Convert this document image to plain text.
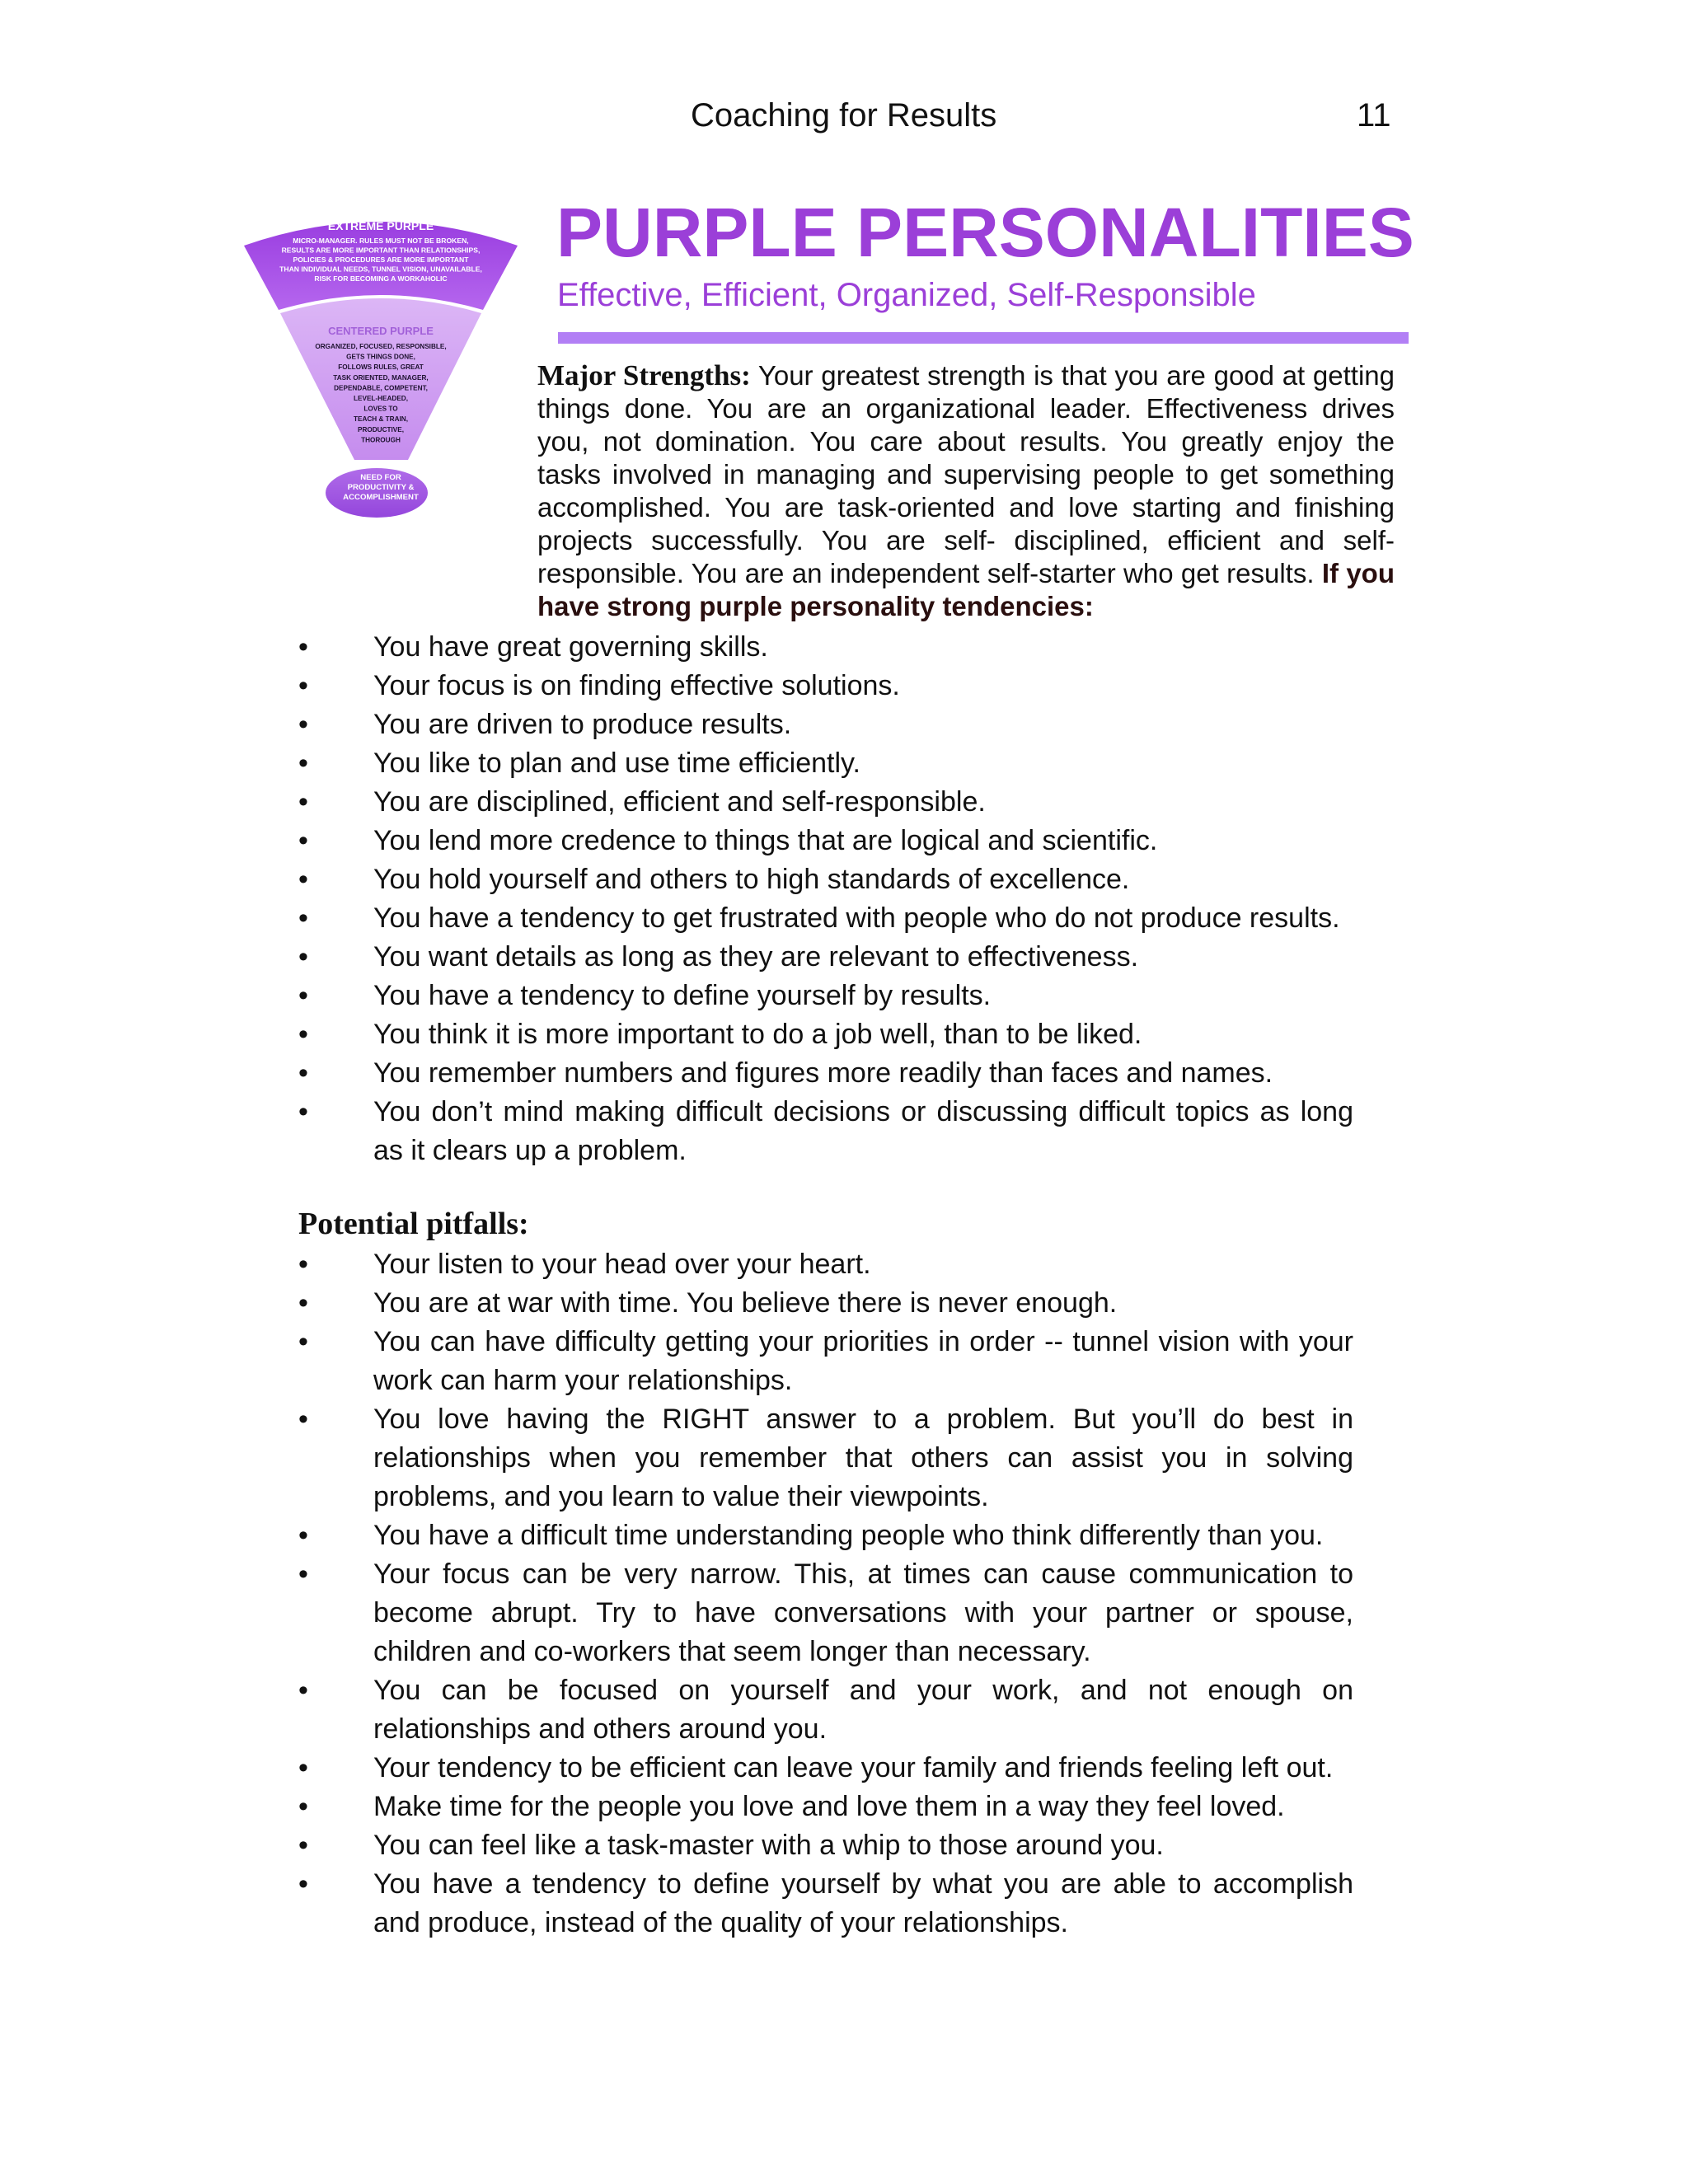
Coaching for Results	11
EXTREME PURPLE
MICRO-MANAGER. RULES MUST NOT BE BROKEN,
RESULTS ARE MORE IMPORTANT THAN RELATIONSHIPS,
POLICIES & PROCEDURES ARE MORE IMPORTANT
THAN INDIVIDUAL NEEDS, TUNNEL VISION, UNAVAILABLE,
RISK FOR BECOMING A WORKAHOLIC
CENTERED PURPLE
ORGANIZED, FOCUSED, RESPONSIBLE,
GETS THINGS DONE,
FOLLOWS RULES, GREAT
TASK ORIENTED, MANAGER,
DEPENDABLE, COMPETENT,
LEVEL-HEADED,
LOVES TO
TEACH & TRAIN,
PRODUCTIVE,
THOROUGH
NEED FOR
PRODUCTIVITY &
ACCOMPLISHMENT
PURPLE PERSONALITIES
Effective, Efficient, Organized, Self-Responsible
Major Strengths: Your greatest strength is that you are good at getting things done. You are an organizational leader. Effectiveness drives you, not domination. You care about results. You greatly enjoy the tasks involved in managing and supervising people to get something accomplished. You are task-oriented and love starting and finishing projects successfully. You are self- disciplined, efficient and self-responsible. You are an independent self-starter who get results. If you have strong purple personality tendencies:
•	You have great governing skills.
•	Your focus is on finding effective solutions.
•	You are driven to produce results.
•	You like to plan and use time efficiently.
•	You are disciplined, efficient and self-responsible.
•	You lend more credence to things that are logical and scientific.
•	You hold yourself and others to high standards of excellence.
•	You have a tendency to get frustrated with people who do not produce results.
•	You want details as long as they are relevant to effectiveness.
•	You have a tendency to define yourself by results.
•	You think it is more important to do a job well, than to be liked.
•	You remember numbers and figures more readily than faces and names.
•	You don’t mind making difficult decisions or discussing difficult topics as long as it clears up a problem.
Potential pitfalls:
•	Your listen to your head over your heart.
•	You are at war with time. You believe there is never enough.
•	You can have difficulty getting your priorities in order -- tunnel vision with your work can harm your relationships.
•	You love having the RIGHT answer to a problem. But you’ll do best in relationships when you remember that others can assist you in solving problems, and you learn to value their viewpoints.
•	You have a difficult time understanding people who think differently than you.
•	Your focus can be very narrow. This, at times can cause communication to become abrupt. Try to have conversations with your partner or spouse, children and co-workers that seem longer than necessary.
•	You can be focused on yourself and your work, and not enough on relationships and others around you.
•	Your tendency to be efficient can leave your family and friends feeling left out.
•	Make time for the people you love and love them in a way they feel loved.
•	You can feel like a task-master with a whip to those around you.
•	You have a tendency to define yourself by what you are able to accomplish and produce, instead of the quality of your relationships.
